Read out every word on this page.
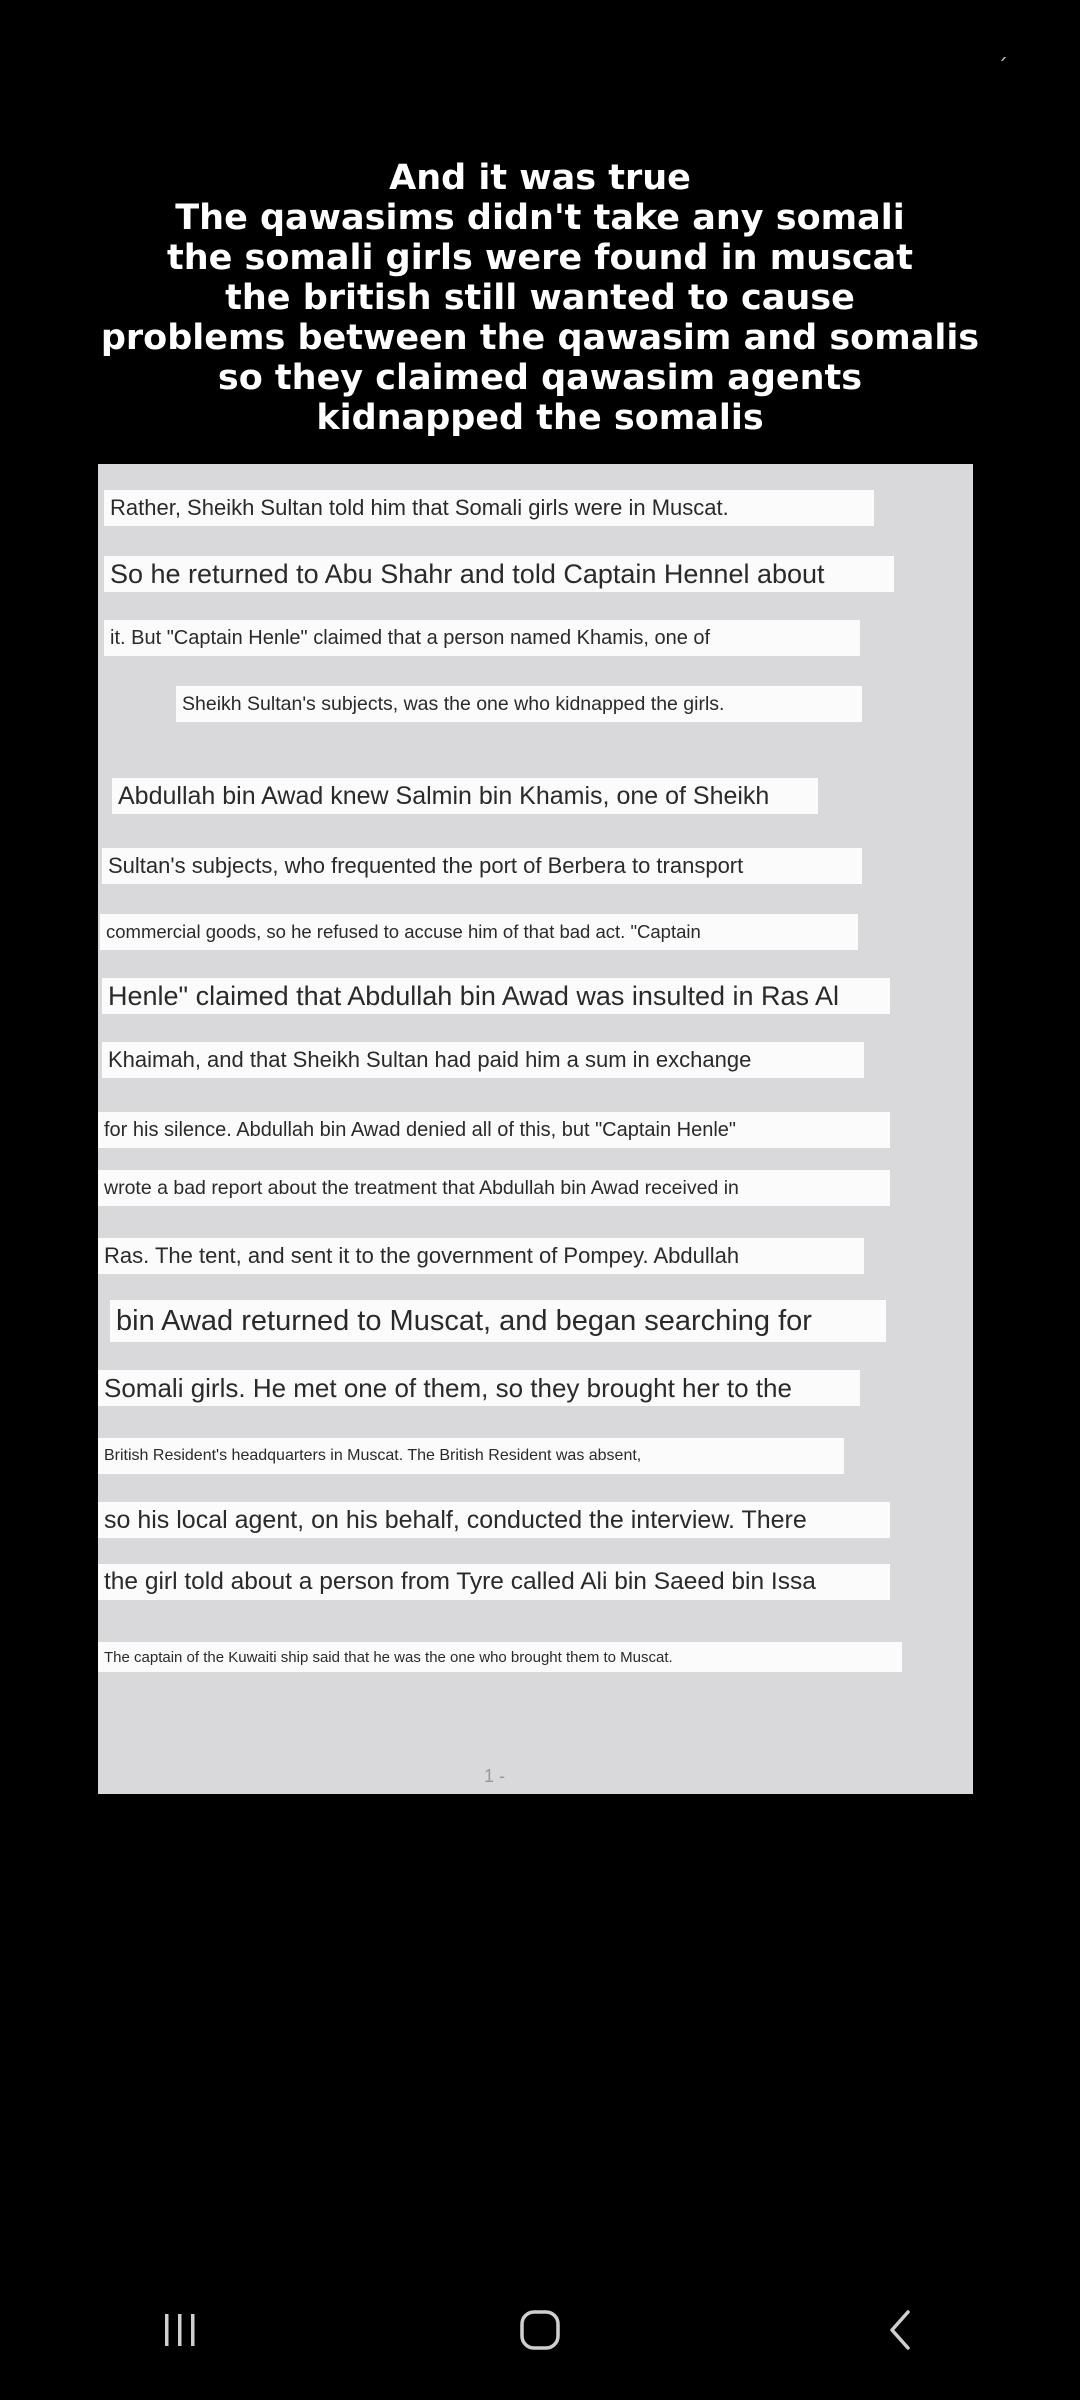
ˊ
And it was true
The qawasims didn't take any somali
the somali girls were found in muscat
the british still wanted to cause
problems between the qawasim and somalis
so they claimed qawasim agents
kidnapped the somalis
Rather, Sheikh Sultan told him that Somali girls were in Muscat.
So he returned to Abu Shahr and told Captain Hennel about
it. But "Captain Henle" claimed that a person named Khamis, one of
Sheikh Sultan's subjects, was the one who kidnapped the girls.
Abdullah bin Awad knew Salmin bin Khamis, one of Sheikh
Sultan's subjects, who frequented the port of Berbera to transport
commercial goods, so he refused to accuse him of that bad act. "Captain
Henle" claimed that Abdullah bin Awad was insulted in Ras Al
Khaimah, and that Sheikh Sultan had paid him a sum in exchange
for his silence. Abdullah bin Awad denied all of this, but "Captain Henle"
wrote a bad report about the treatment that Abdullah bin Awad received in
Ras. The tent, and sent it to the government of Pompey. Abdullah
bin Awad returned to Muscat, and began searching for
Somali girls. He met one of them, so they brought her to the
British Resident's headquarters in Muscat. The British Resident was absent,
so his local agent, on his behalf, conducted the interview. There
the girl told about a person from Tyre called Ali bin Saeed bin Issa
The captain of the Kuwaiti ship said that he was the one who brought them to Muscat.
1 -
